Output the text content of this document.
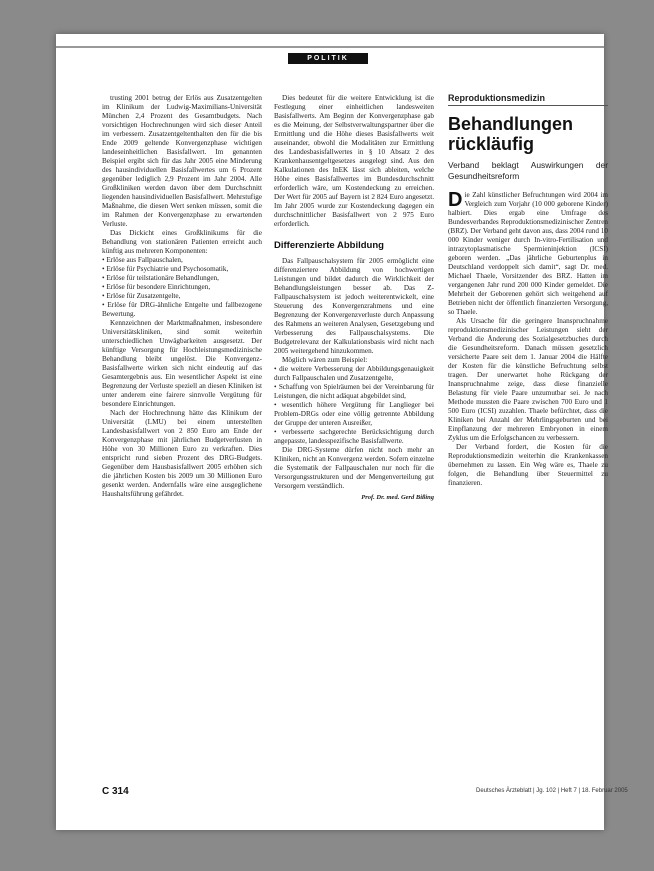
POLITIK

trusting 2001 betrug der Erlös aus Zusatzentgelten im Klinikum der Ludwig-Maximilians-Universität München 2,4 Prozent des Gesamtbudgets. Nach vorsichtigen Hochrechnungen wird sich dieser Anteil im verbessern. Zusatzentgeltenthalten den für die bis Ende 2009 geltende Konvergenzphase wichtigen landeseinheitlichen Basisfallwert. Im genannten Beispiel ergibt sich für das Jahr 2005 eine Minderung des hausindividuellen Basisfallwertes um 6 Prozent gegenüber lediglich 2,9 Prozent im Jahr 2004. Alle Großkliniken werden davon über dem Durchschnitt liegenden hausindividuellen Basisfallwert. Mehrstufige Maßnahme, die diesen Wert senken müssen, somit die im Rahmen der Konvergenzphase zu erwartenden Verluste.

Das Dickicht eines Großklinikums für die Behandlung von stationären Patienten erreicht auch künftig aus mehreren Komponenten:

• Erlöse aus Fallpauschalen,

• Erlöse für Psychiatrie und Psychosomatik,

• Erlöse für teilstationäre Behandlungen,

• Erlöse für besondere Einrichtungen,

• Erlöse für Zusatzentgelte,

• Erlöse für DRG-ähnliche Entgelte und fallbezogene Bewertung.

Kennzeichnen der Marktmaßnahmen, insbesondere Universitätskliniken, sind somit weiterhin unterschiedlichen Unwägbarkeiten ausgesetzt. Der künftige Versorgung für Hochleistungsmedizinische Behandlung bleibt ungelöst. Die Konvergenz-Basisfallwerte wirken sich nicht eindeutig auf das Gesamtergebnis aus. Ein wesentlicher Aspekt ist eine Begrenzung der Verluste speziell an diesen Kliniken ist unter anderem eine fairere sinnvolle Vergütung für besondere Einrichtungen.

Nach der Hochrechnung hätte das Klinikum der Universität (LMU) bei einem unterstellten Landesbasisfallwert von 2 850 Euro am Ende der Konvergenzphase mit jährlichen Budgetverlusten in Höhe von 30 Millionen Euro zu verkraften. Dies entspricht rund sieben Prozent des DRG-Budgets. Gegenüber dem Hausbasisfallwert 2005 erhöhen sich die jährlichen Kosten bis 2009 um 30 Millionen Euro gesenkt werden. Andernfalls wäre eine ausgeglichene Haushaltsführung gefährdet.

Dies bedeutet für die weitere Entwicklung ist die Festlegung einer einheitlichen landesweiten Basisfallwerts. Am Beginn der Konvergenzphase gab es die Meinung, der Selbstverwaltungspartner über die Ermittlung und die Höhe dieses Basisfallwerts weit auseinander, obwohl die Modalitäten zur Ermittlung des Landesbasisfallwertes in § 10 Absatz 2 des Krankenhausentgeltgesetzes ausgelegt sind. Aus den Kalkulationen des InEK lässt sich ableiten, welche Höhe eines Basisfallwertes im Bundesdurchschnitt erforderlich wäre, um Kostendeckung zu erreichen. Der Wert für 2005 auf Bayern ist 2 824 Euro angesetzt. Im Jahr 2005 wurde zur Kostendeckung dagegen ein durchschnittlicher Basisfallwert von 2 975 Euro erforderlich.

Differenzierte Abbildung

Das Fallpauschalsystem für 2005 ermöglicht eine differenziertere Abbildung von hochwertigen Leistungen und bildet dadurch die Wirklichkeit der Behandlungsleistungen besser ab. Das Z-Fallpauschalsystem ist jedoch weiterentwickelt, eine Steuerung des Konvergenzrahmens und eine Begrenzung der Konvergenzverluste durch Anpassung des Rahmens an weiteren Analysen, Gesetzgebung und Verbesserung des Fallpauschalsystems. Die Budgetrelevanz der Kalkulationsbasis wird nicht nach 2005 weitergehend hinzukommen.

Möglich wären zum Beispiel:

• die weitere Verbesserung der Abbildungsgenauigkeit durch Fallpauschalen und Zusatzentgelte,

• Schaffung von Spielräumen bei der Vereinbarung für Leistungen, die nicht adäquat abgebildet sind,

• wesentlich höhere Vergütung für Langlieger bei Problem-DRGs oder eine völlig getrennte Abbildung der Gruppe der unteren Ausreißer,

• verbesserte sachgerechte Berücksichtigung durch angepasste, landesspezifische Basisfallwerte.

Die DRG-Systeme dürfen nicht noch mehr an Kliniken, nicht an Konvergenz werden. Sofern einzelne die Systematik der Fallpauschalen nur noch für die Versorgungsstrukturen und der Mengenverteilung gut Versorgern verständlich.

Prof. Dr. med. Gerd Bißing
Reproduktionsmedizin
Behandlungen rückläufig
Verband beklagt Auswirkungen der Gesundheitsreform

Die Zahl künstlicher Befruchtungen wird 2004 im Vergleich zum Vorjahr (10 000 geborene Kinder) halbiert. Dies ergab eine Umfrage des Bundesverbandes Reproduktionsmedizinischer Zentren (BRZ). Der Verband geht davon aus, dass 2004 rund 10 000 Kinder weniger durch In-vitro-Fertilisation und intrazytoplasmatische Spermieninjektion (ICSI) geboren werden. „Das jährliche Geburtenplus in Deutschland verdoppelt sich damit“, sagt Dr. med. Michael Thaele, Vorsitzender des BRZ. Hatten im vergangenen Jahr rund 200 000 Kinder gemeldet. Die Mehrheit der Geborenen gehört sich weitgehend auf Betrieben nicht der öffentlich finanzierten Versorgung, so Thaele.

Als Ursache für die geringere Inanspruchnahme reproduktionsmedizinischer Leistungen sieht der Verband die Änderung des Sozialgesetzbuches durch die Gesundheitsreform. Danach müssen gesetzlich versicherte Paare seit dem 1. Januar 2004 die Hälfte der Kosten für die künstliche Befruchtung selbst tragen. Der unerwartet hohe Rückgang der Inanspruchnahme zeige, dass diese finanzielle Belastung für viele Paare unzumutbar sei. Je nach Methode mussten die Paare zwischen 700 Euro und 1 500 Euro (ICSI) zuzahlen. Thaele befürchtet, dass die Kliniken bei Anzahl der Mehrlingsgeburten und bei Einpflanzung der mehreren Embryonen in einem Zyklus um die Erfolgschancen zu verbessern.

Der Verband fordert, die Kosten für die Reproduktionsmedizin weiterhin die Krankenkassen übernehmen zu lassen. Ein Weg wäre es, Thaele zu folgen, die Behandlung über Steuermittel zu finanzieren.

C 314	Deutsches Ärzteblatt | Jg. 102 | Heft 7 | 18. Februar 2005
